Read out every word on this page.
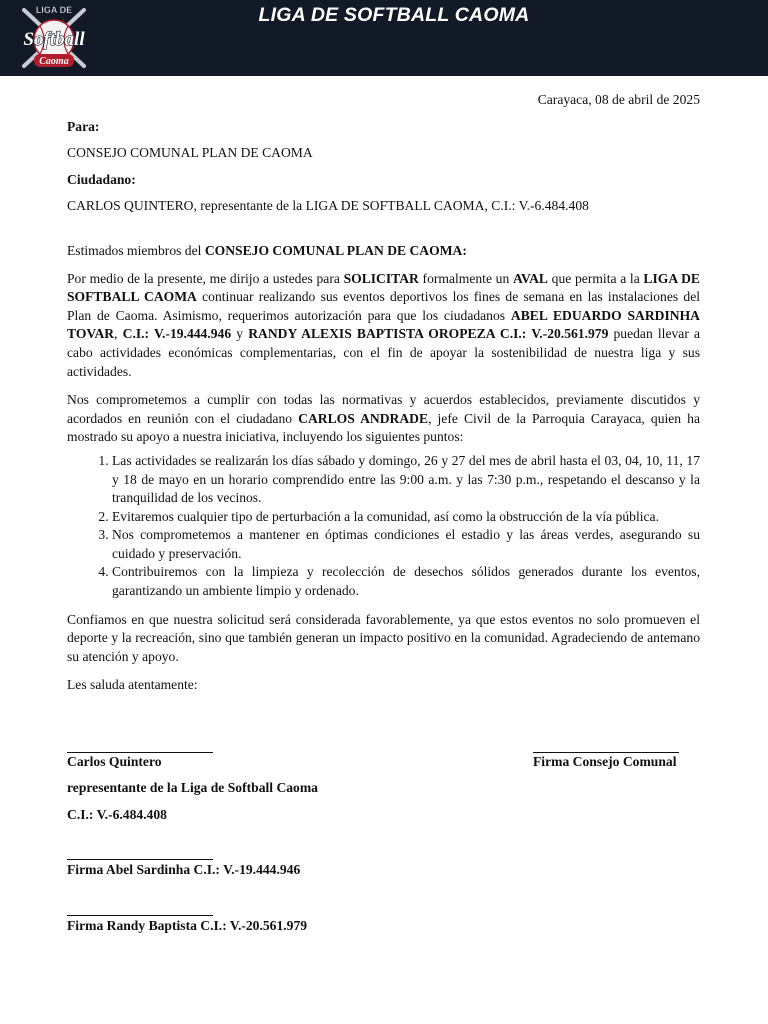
LIGA DE
Softball
Caoma
LIGA DE SOFTBALL CAOMA

Carayaca, 08 de abril de 2025

Para:

CONSEJO COMUNAL PLAN DE CAOMA

Ciudadano:

CARLOS QUINTERO, representante de la LIGA DE SOFTBALL CAOMA, C.I.: V.-6.484.408

Estimados miembros del CONSEJO COMUNAL PLAN DE CAOMA:

Por medio de la presente, me dirijo a ustedes para SOLICITAR formalmente un AVAL que permita a la LIGA DE SOFTBALL CAOMA continuar realizando sus eventos deportivos los fines de semana en las instalaciones del Plan de Caoma. Asimismo, requerimos autorización para que los ciudadanos ABEL EDUARDO SARDINHA TOVAR, C.I.: V.-19.444.946 y RANDY ALEXIS BAPTISTA OROPEZA C.I.: V.-20.561.979 puedan llevar a cabo actividades económicas complementarias, con el fin de apoyar la sostenibilidad de nuestra liga y sus actividades.

Nos comprometemos a cumplir con todas las normativas y acuerdos establecidos, previamente discutidos y acordados en reunión con el ciudadano CARLOS ANDRADE, jefe Civil de la Parroquia Carayaca, quien ha mostrado su apoyo a nuestra iniciativa, incluyendo los siguientes puntos:

1. Las actividades se realizarán los días sábado y domingo, 26 y 27 del mes de abril hasta el 03, 04, 10, 11, 17 y 18 de mayo en un horario comprendido entre las 9:00 a.m. y las 7:30 p.m., respetando el descanso y la tranquilidad de los vecinos.
2. Evitaremos cualquier tipo de perturbación a la comunidad, así como la obstrucción de la vía pública.
3. Nos comprometemos a mantener en óptimas condiciones el estadio y las áreas verdes, asegurando su cuidado y preservación.
4. Contribuiremos con la limpieza y recolección de desechos sólidos generados durante los eventos, garantizando un ambiente limpio y ordenado.

Confiamos en que nuestra solicitud será considerada favorablemente, ya que estos eventos no solo promueven el deporte y la recreación, sino que también generan un impacto positivo en la comunidad. Agradeciendo de antemano su atención y apoyo.

Les saluda atentamente:

Carlos Quintero	Firma Consejo Comunal
representante de la Liga de Softball Caoma
C.I.: V.-6.484.408
Firma Abel Sardinha C.I.: V.-19.444.946
Firma Randy Baptista C.I.: V.-20.561.979
